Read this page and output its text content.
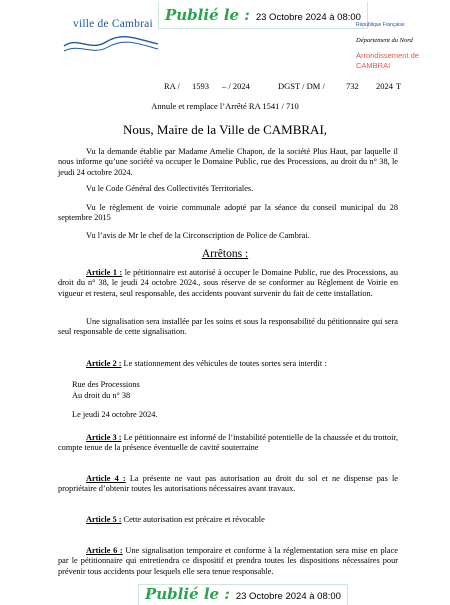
ville de Cambrai Publié le : 23 Octobre 2024 à 08:00
République Française
Département du Nord
Arrondissement de CAMBRAI
RA / 1593 – / 2024	DGST / DM / 732 2024 T
Annule et remplace l’Arrêté RA 1541 / 710
Nous, Maire de la Ville de CAMBRAI,
Vu la demande établie par Madame Amelie Chapon, de la société Plus Haut, par laquelle il nous informe qu’une société va occuper le Domaine Public, rue des Processions, au droit du n° 38, le jeudi 24 octobre 2024.
Vu le Code Général des Collectivités Territoriales.
Vu le règlement de voirie communale adopté par la séance du conseil municipal du 28 septembre 2015
Vu l’avis de Mr le chef de la Circonscription de Police de Cambrai.
Arrêtons :
Article 1 : le pétitionnaire est autorisé à occuper le Domaine Public, rue des Processions, au droit du n° 38, le jeudi 24 octobre 2024., sous réserve de se conformer au Règlement de Voirie en vigueur et restera, seul responsable, des accidents pouvant survenir du fait de cette installation.
Une signalisation sera installée par les soins et sous la responsabilité du pétitionnaire qui sera seul responsable de cette signalisation.
Article 2 : Le stationnement des véhicules de toutes sortes sera interdit :
Rue des Processions
Au droit du n° 38
Le jeudi 24 octobre 2024.
Article 3 : Le pétitionnaire est informé de l’instabilité potentielle de la chaussée et du trottoir, compte tenue de la présence éventuelle de cavité souterraine
Article 4 : La présente ne vaut pas autorisation au droit du sol et ne dispense pas le propriétaire d’obtenir toutes les autorisations nécessaires avant travaux.
Article 5 : Cette autorisation est précaire et révocable
Article 6 : Une signalisation temporaire et conforme à la réglementation sera mise en place par le pétitionnaire qui entretiendra ce dispositif et prendra toutes les dispositions nécessaires pour prévenir tous accidents pour lesquels elle sera tenue responsable.
Publié le : 23 Octobre 2024 à 08:00
